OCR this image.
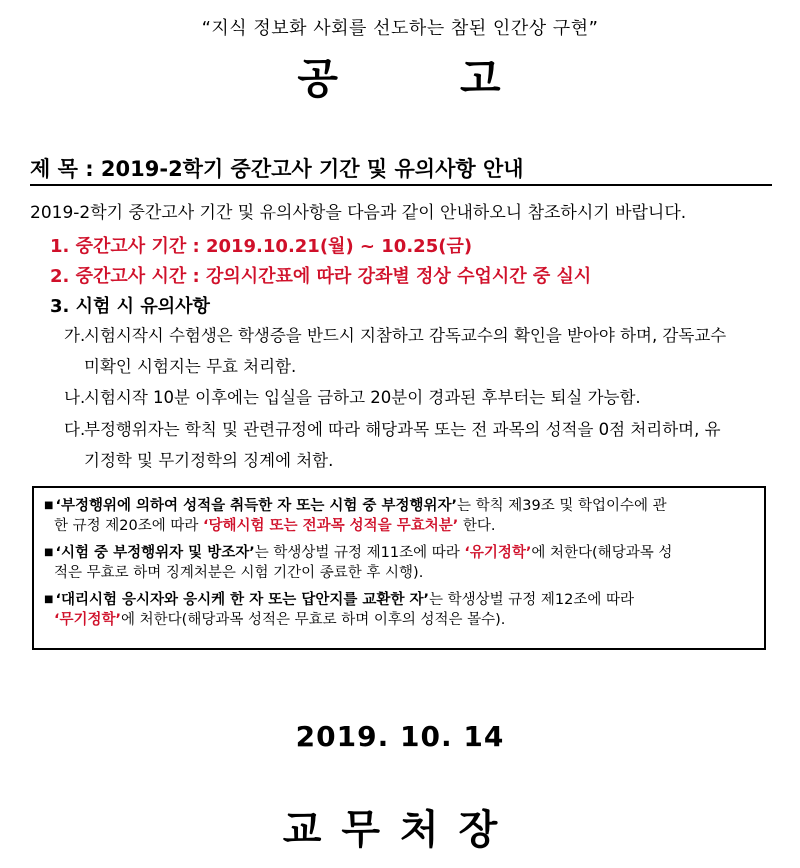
“지식 정보화 사회를 선도하는 참된 인간상 구현”
공	고
제 목 : 2019-2학기 중간고사 기간 및 유의사항 안내
2019-2학기 중간고사 기간 및 유의사항을 다음과 같이 안내하오니 참조하시기 바랍니다.
1. 중간고사 기간 : 2019.10.21(월) ~ 10.25(금)
2. 중간고사 시간 : 강의시간표에 따라 강좌별 정상 수업시간 중 실시
3. 시험 시 유의사항
가.시험시작시 수험생은 학생증을 반드시 지참하고 감독교수의 확인을 받아야 하며, 감독교수
미확인 시험지는 무효 처리함.
나.시험시작 10분 이후에는 입실을 금하고 20분이 경과된 후부터는 퇴실 가능함.
다.부정행위자는 학칙 및 관련규정에 따라 해당과목 또는 전 과목의 성적을 0점 처리하며, 유
기정학 및 무기정학의 징계에 처함.
■ ‘부정행위에 의하여 성적을 취득한 자 또는 시험 중 부정행위자’는 학칙 제39조 및 학업이수에 관
한 규정 제20조에 따라 ‘당해시험 또는 전과목 성적을 무효처분’ 한다.
■ ‘시험 중 부정행위자 및 방조자’는 학생상벌 규정 제11조에 따라 ‘유기정학’에 처한다(해당과목 성
적은 무효로 하며 징계처분은 시험 기간이 종료한 후 시행).
■ ‘대리시험 응시자와 응시케 한 자 또는 답안지를 교환한 자’는 학생상벌 규정 제12조에 따라
‘무기정학’에 처한다(해당과목 성적은 무효로 하며 이후의 성적은 몰수).
2019. 10. 14
교무처장
